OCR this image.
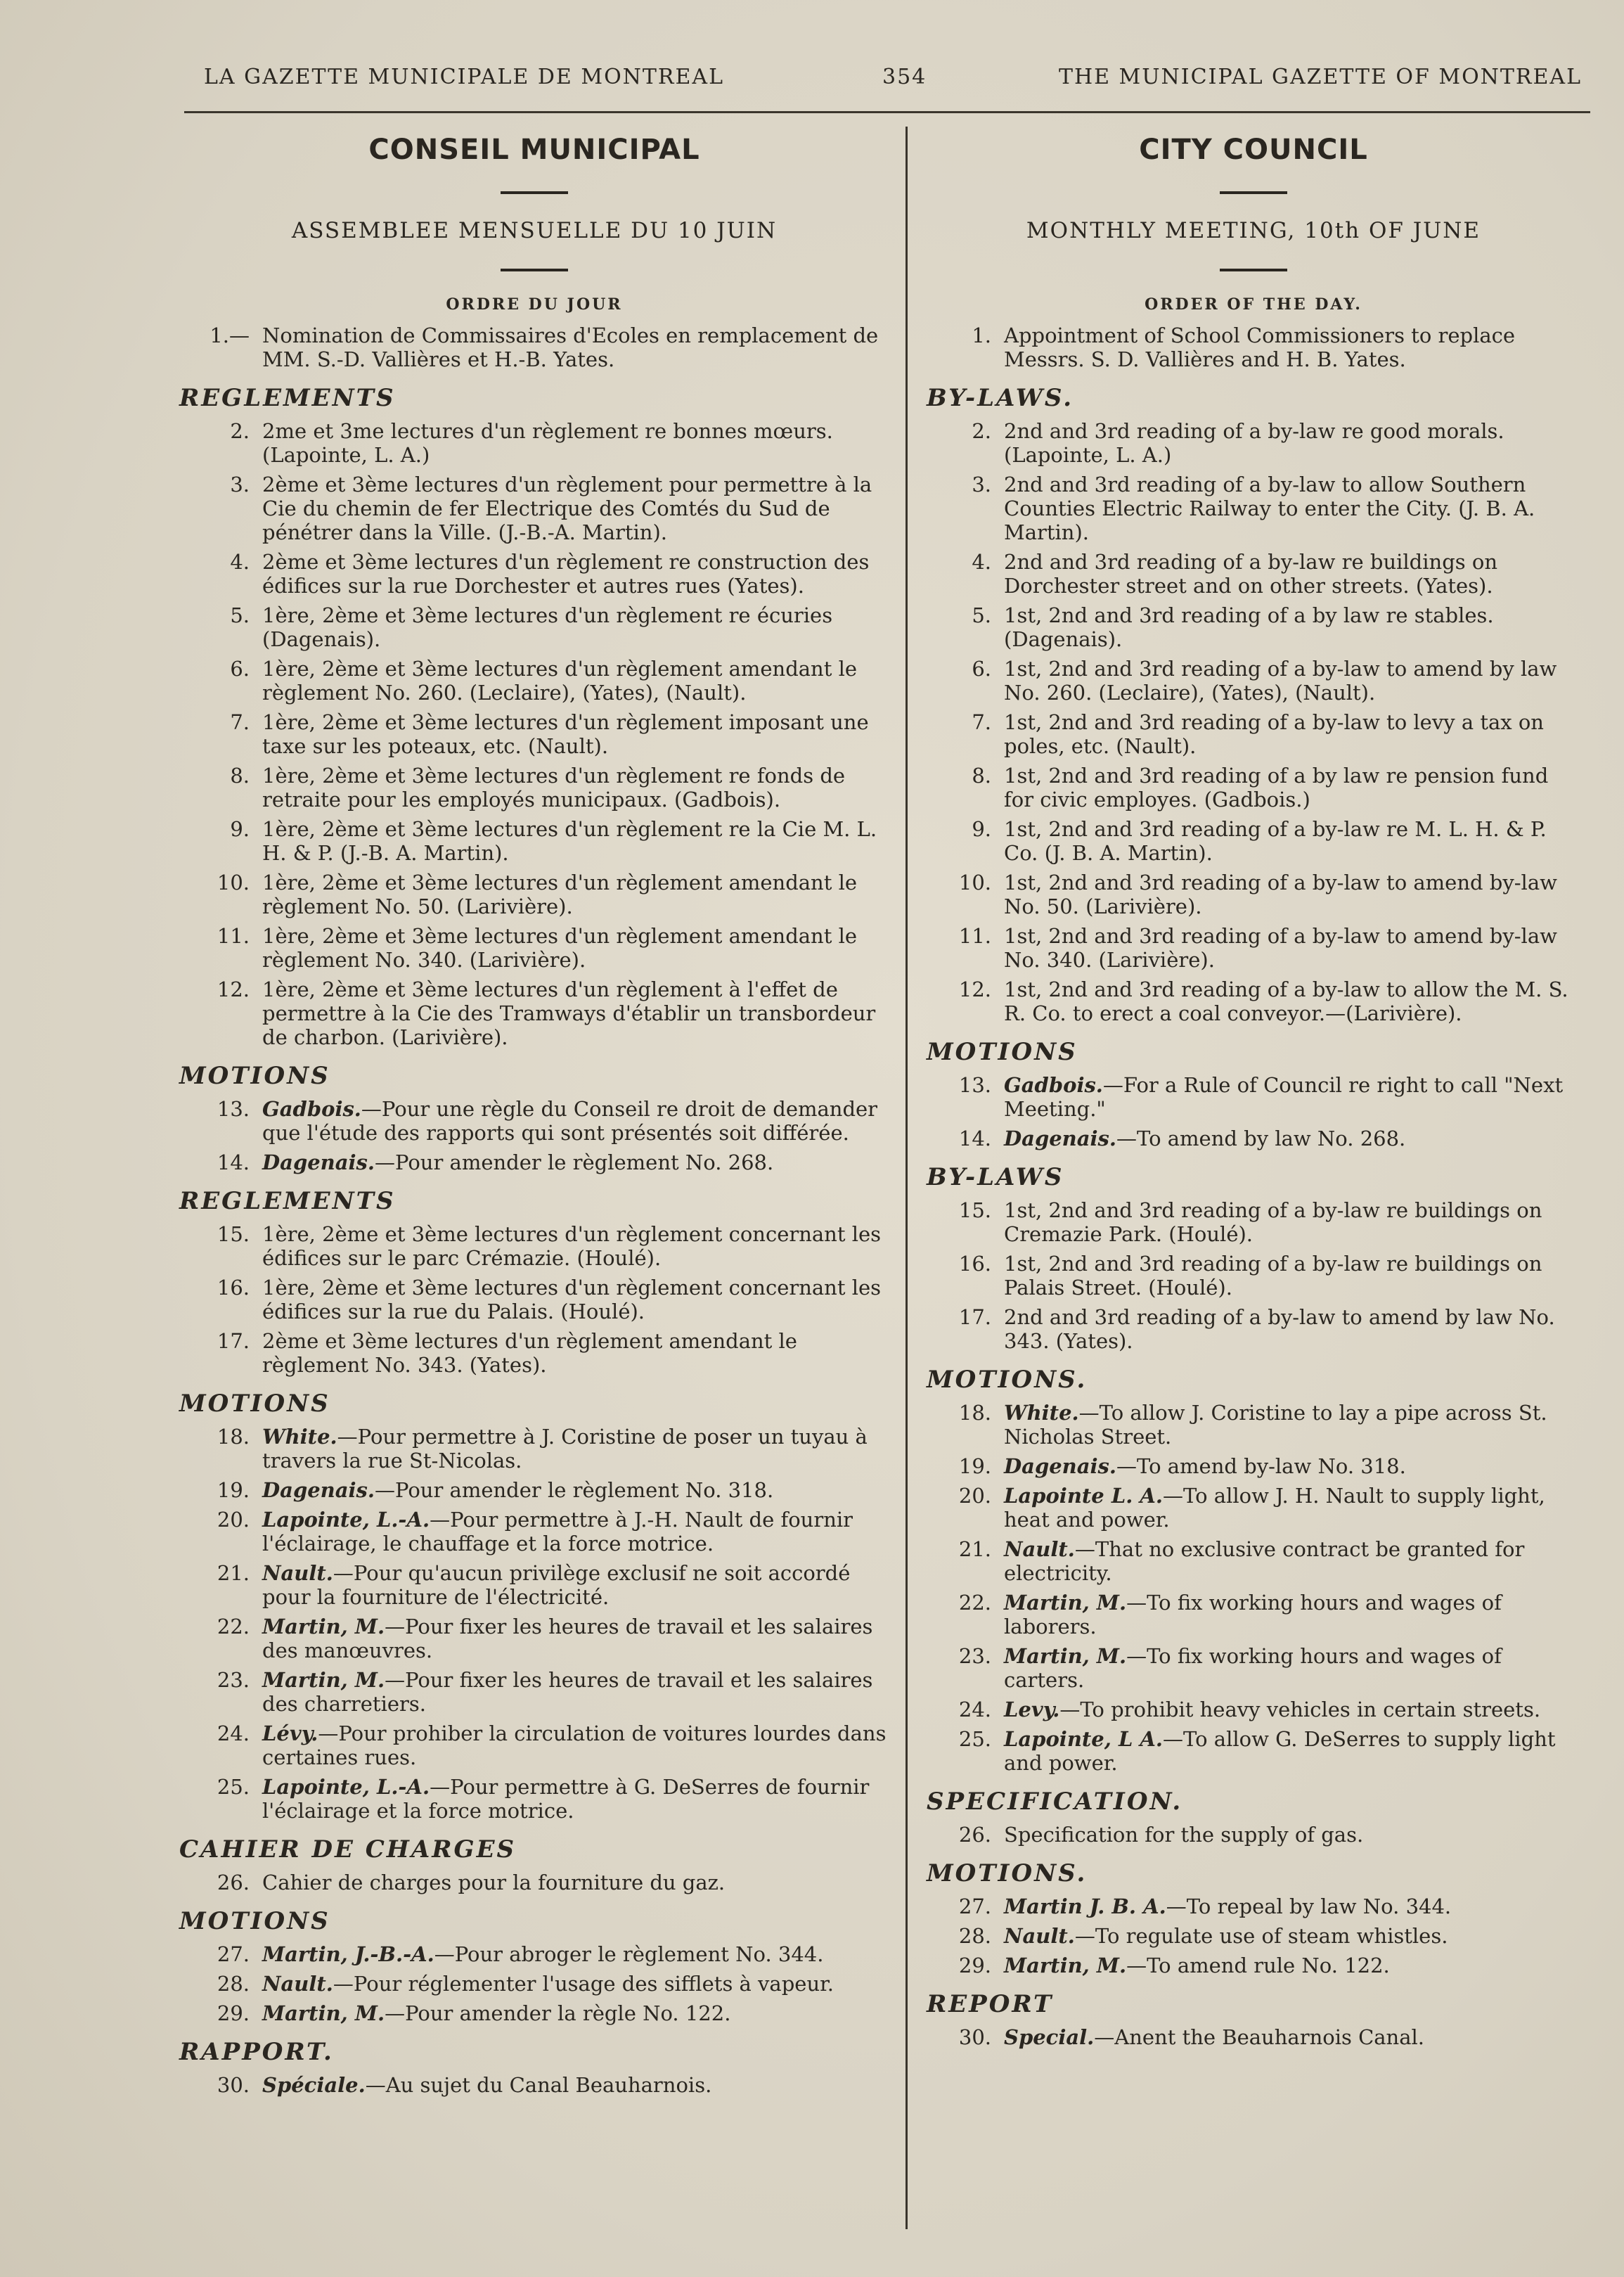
LA GAZETTE MUNICIPALE DE MONTREAL	354	THE MUNICIPAL GAZETTE OF MONTREAL
CONSEIL MUNICIPAL
ASSEMBLEE MENSUELLE DU 10 JUIN
ORDRE DU JOUR
1.— Nomination de Commissaires d'Ecoles en remplacement de MM. S.-D. Vallières et H.-B. Yates.
REGLEMENTS
2. 2me et 3me lectures d'un règlement re bonnes mœurs. (Lapointe, L. A.)
3. 2ème et 3ème lectures d'un règlement pour permettre à la Cie du chemin de fer Electrique des Comtés du Sud de pénétrer dans la Ville. (J.-B.-A. Martin).
4. 2ème et 3ème lectures d'un règlement re construction des édifices sur la rue Dorchester et autres rues (Yates).
5. 1ère, 2ème et 3ème lectures d'un règlement re écuries (Dagenais).
6. 1ère, 2ème et 3ème lectures d'un règlement amendant le règlement No. 260. (Leclaire), (Yates), (Nault).
7. 1ère, 2ème et 3ème lectures d'un règlement imposant une taxe sur les poteaux, etc. (Nault).
8. 1ère, 2ème et 3ème lectures d'un règlement re fonds de retraite pour les employés municipaux. (Gadbois).
9. 1ère, 2ème et 3ème lectures d'un règlement re la Cie M. L. H. & P. (J.-B. A. Martin).
10. 1ère, 2ème et 3ème lectures d'un règlement amendant le règlement No. 50. (Larivière).
11. 1ère, 2ème et 3ème lectures d'un règlement amendant le règlement No. 340. (Larivière).
12. 1ère, 2ème et 3ème lectures d'un règlement à l'effet de permettre à la Cie des Tramways d'établir un transbordeur de charbon. (Larivière).
MOTIONS
13. Gadbois.—Pour une règle du Conseil re droit de demander que l'étude des rapports qui sont présentés soit différée.
14. Dagenais.—Pour amender le règlement No. 268.
REGLEMENTS
15. 1ère, 2ème et 3ème lectures d'un règlement concernant les édifices sur le parc Crémazie. (Houlé).
16. 1ère, 2ème et 3ème lectures d'un règlement concernant les édifices sur la rue du Palais. (Houlé).
17. 2ème et 3ème lectures d'un règlement amendant le règlement No. 343. (Yates).
MOTIONS
18. White.—Pour permettre à J. Coristine de poser un tuyau à travers la rue St-Nicolas.
19. Dagenais.—Pour amender le règlement No. 318.
20. Lapointe, L.-A.—Pour permettre à J.-H. Nault de fournir l'éclairage, le chauffage et la force motrice.
21. Nault.—Pour qu'aucun privilège exclusif ne soit accordé pour la fourniture de l'électricité.
22. Martin, M.—Pour fixer les heures de travail et les salaires des manœuvres.
23. Martin, M.—Pour fixer les heures de travail et les salaires des charretiers.
24. Lévy.—Pour prohiber la circulation de voitures lourdes dans certaines rues.
25. Lapointe, L.-A.—Pour permettre à G. DeSerres de fournir l'éclairage et la force motrice.
CAHIER DE CHARGES
26. Cahier de charges pour la fourniture du gaz.
MOTIONS
27. Martin, J.-B.-A.—Pour abroger le règlement No. 344.
28. Nault.—Pour réglementer l'usage des sifflets à vapeur.
29. Martin, M.—Pour amender la règle No. 122.
RAPPORT.
30. Spéciale.—Au sujet du Canal Beauharnois.
CITY COUNCIL
MONTHLY MEETING, 10th OF JUNE
ORDER OF THE DAY.
1. Appointment of School Commissioners to replace Messrs. S. D. Vallières and H. B. Yates.
BY-LAWS.
2. 2nd and 3rd reading of a by-law re good morals. (Lapointe, L. A.)
3. 2nd and 3rd reading of a by-law to allow Southern Counties Electric Railway to enter the City. (J. B. A. Martin).
4. 2nd and 3rd reading of a by-law re buildings on Dorchester street and on other streets. (Yates).
5. 1st, 2nd and 3rd reading of a by law re stables. (Dagenais).
6. 1st, 2nd and 3rd reading of a by-law to amend by law No. 260. (Leclaire), (Yates), (Nault).
7. 1st, 2nd and 3rd reading of a by-law to levy a tax on poles, etc. (Nault).
8. 1st, 2nd and 3rd reading of a by law re pension fund for civic employes. (Gadbois.)
9. 1st, 2nd and 3rd reading of a by-law re M. L. H. & P. Co. (J. B. A. Martin).
10. 1st, 2nd and 3rd reading of a by-law to amend by-law No. 50. (Larivière).
11. 1st, 2nd and 3rd reading of a by-law to amend by-law No. 340. (Larivière).
12. 1st, 2nd and 3rd reading of a by-law to allow the M. S. R. Co. to erect a coal conveyor.—(Larivière).
MOTIONS
13. Gadbois.—For a Rule of Council re right to call "Next Meeting."
14. Dagenais.—To amend by law No. 268.
BY-LAWS
15. 1st, 2nd and 3rd reading of a by-law re buildings on Cremazie Park. (Houlé).
16. 1st, 2nd and 3rd reading of a by-law re buildings on Palais Street. (Houlé).
17. 2nd and 3rd reading of a by-law to amend by law No. 343. (Yates).
MOTIONS.
18. White.—To allow J. Coristine to lay a pipe across St. Nicholas Street.
19. Dagenais.—To amend by-law No. 318.
20. Lapointe L. A.—To allow J. H. Nault to supply light, heat and power.
21. Nault.—That no exclusive contract be granted for electricity.
22. Martin, M.—To fix working hours and wages of laborers.
23. Martin, M.—To fix working hours and wages of carters.
24. Levy.—To prohibit heavy vehicles in certain streets.
25. Lapointe, L A.—To allow G. DeSerres to supply light and power.
SPECIFICATION.
26. Specification for the supply of gas.
MOTIONS.
27. Martin J. B. A.—To repeal by law No. 344.
28. Nault.—To regulate use of steam whistles.
29. Martin, M.—To amend rule No. 122.
REPORT
30. Special.—Anent the Beauharnois Canal.
